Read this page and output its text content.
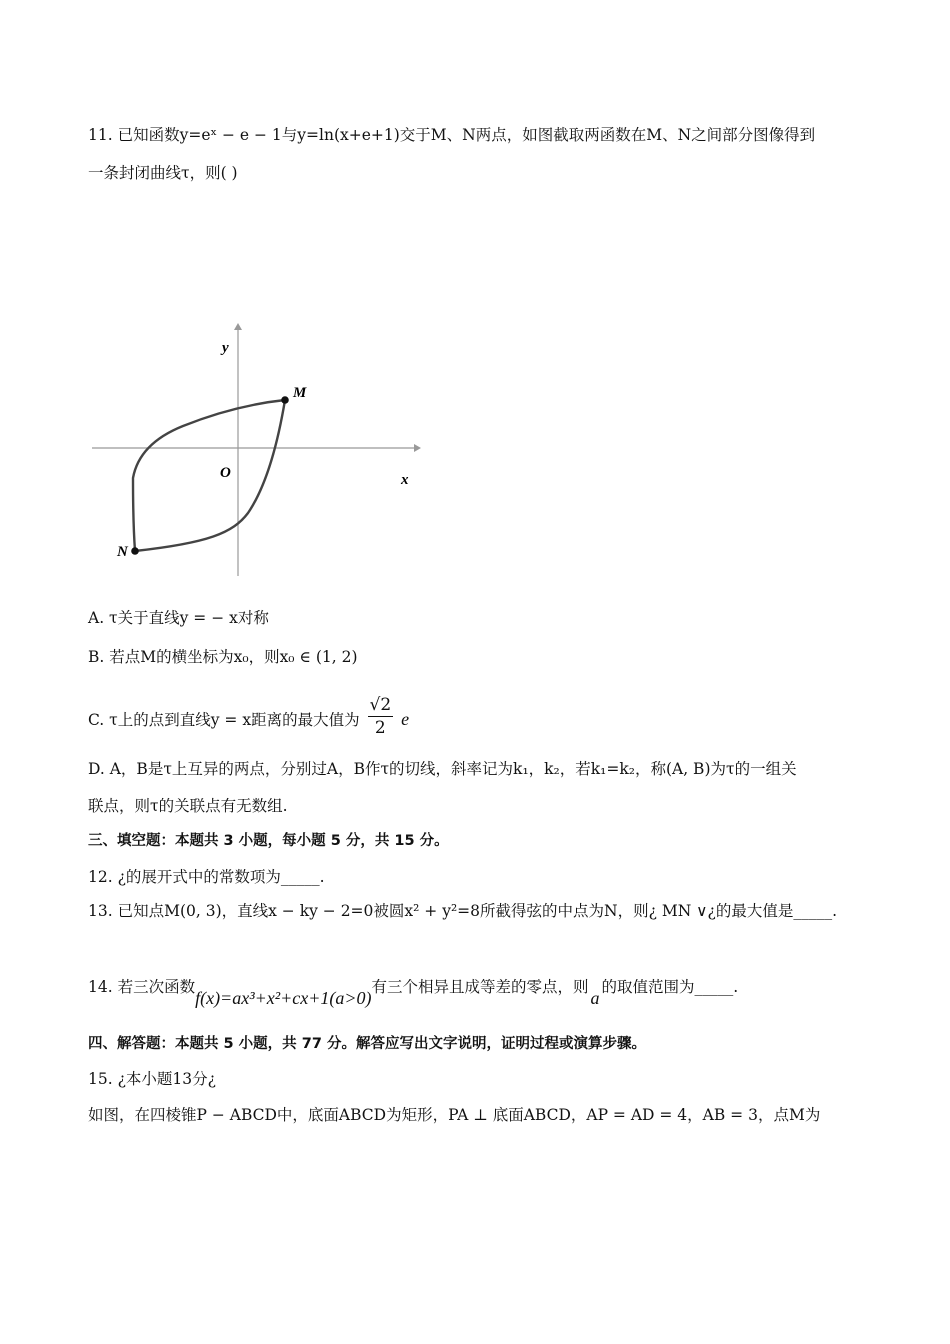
11. 已知函数y=eˣ − e − 1与y=ln(x+e+1)交于M、N两点，如图截取两函数在M、N之间部分图像得到
一条封闭曲线τ，则( )
y
x
O
M
N
A. τ关于直线y = − x对称
B. 若点M的横坐标为x₀，则x₀ ∈ (1, 2)
C. τ上的点到直线y = x距离的最大值为 $\frac{√2}{2}$ e
D. A，B是τ上互异的两点，分别过A，B作τ的切线，斜率记为k₁，k₂，若k₁=k₂，称(A, B)为τ的一组关
联点，则τ的关联点有无数组.
三、填空题：本题共 3 小题，每小题 5 分，共 15 分。
12. ¿的展开式中的常数项为_____.
13. 已知点M(0, 3)，直线x − ky − 2=0被圆x² + y²=8所截得弦的中点为N，则¿ MN ∨¿的最大值是_____.
14. 若三次函数f(x)=ax³+x²+cx+1(a>0)有三个相异且成等差的零点，则a的取值范围为_____.
四、解答题：本题共 5 小题，共 77 分。解答应写出文字说明，证明过程或演算步骤。
15. ¿本小题13分¿
如图，在四棱锥P − ABCD中，底面ABCD为矩形，PA ⊥ 底面ABCD，AP = AD = 4，AB = 3，点M为
